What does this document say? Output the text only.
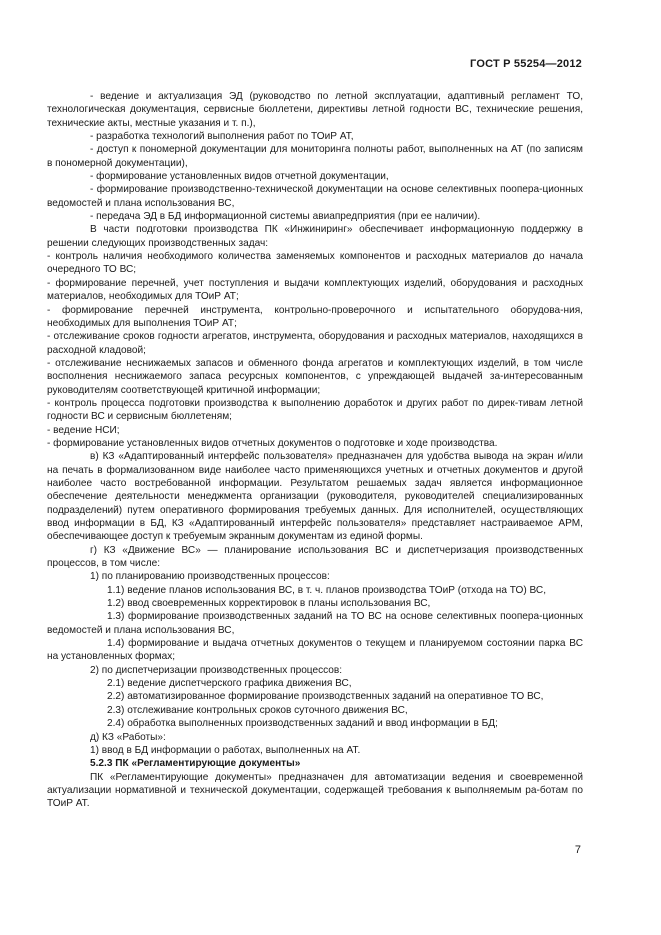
ГОСТ Р 55254—2012

- ведение и актуализация ЭД (руководство по летной эксплуатации, адаптивный регламент ТО, технологическая документация, сервисные бюллетени, директивы летной годности ВС, технические решения, технические акты, местные указания и т. п.),

- разработка технологий выполнения работ по ТОиР АТ,

- доступ к пономерной документации для мониторинга полноты работ, выполненных на АТ (по записям в пономерной документации),

- формирование установленных видов отчетной документации,

- формирование производственно-технической документации на основе селективных поопера-ционных ведомостей и плана использования ВС,

- передача ЭД в БД информационной системы авиапредприятия (при ее наличии).

В части подготовки производства ПК «Инжиниринг» обеспечивает информационную поддержку в решении следующих производственных задач:

- контроль наличия необходимого количества заменяемых компонентов и расходных материалов до начала очередного ТО ВС;

- формирование перечней, учет поступления и выдачи комплектующих изделий, оборудования и расходных материалов, необходимых для ТОиР АТ;

- формирование перечней инструмента, контрольно-проверочного и испытательного оборудова-ния, необходимых для выполнения ТОиР АТ;

- отслеживание сроков годности агрегатов, инструмента, оборудования и расходных материалов, находящихся в расходной кладовой;

- отслеживание неснижаемых запасов и обменного фонда агрегатов и комплектующих изделий, в том числе восполнения неснижаемого запаса ресурсных компонентов, с упреждающей выдачей за-интересованным руководителям соответствующей критичной информации;

- контроль процесса подготовки производства к выполнению доработок и других работ по дирек-тивам летной годности ВС и сервисным бюллетеням;

- ведение НСИ;

- формирование установленных видов отчетных документов о подготовке и ходе производства.

в) КЗ «Адаптированный интерфейс пользователя» предназначен для удобства вывода на экран и/или на печать в формализованном виде наиболее часто применяющихся учетных и отчетных документов и другой наиболее часто востребованной информации. Результатом решаемых задач является информационное обеспечение деятельности менеджмента организации (руководителя, руководителей специализированных подразделений) путем оперативного формирования требуемых данных. Для исполнителей, осуществляющих ввод информации в БД, КЗ «Адаптированный интерфейс пользователя» представляет настраиваемое АРМ, обеспечивающее доступ к требуемым экранным документам из единой формы.

г) КЗ «Движение ВС» — планирование использования ВС и диспетчеризация производственных процессов, в том числе:

1) по планированию производственных процессов:

1.1) ведение планов использования ВС, в т. ч. планов производства ТОиР (отхода на ТО) ВС,

1.2) ввод своевременных корректировок в планы использования ВС,

1.3) формирование производственных заданий на ТО ВС на основе селективных поопера-ционных ведомостей и плана использования ВС,

1.4) формирование и выдача отчетных документов о текущем и планируемом состоянии парка ВС на установленных формах;

2) по диспетчеризации производственных процессов:

2.1) ведение диспетчерского графика движения ВС,

2.2) автоматизированное формирование производственных заданий на оперативное ТО ВС,

2.3) отслеживание контрольных сроков суточного движения ВС,

2.4) обработка выполненных производственных заданий и ввод информации в БД;

д) КЗ «Работы»:

1) ввод в БД информации о работах, выполненных на АТ.

5.2.3 ПК «Регламентирующие документы»

ПК «Регламентирующие документы» предназначен для автоматизации ведения и своевременной актуализации нормативной и технической документации, содержащей требования к выполняемым ра-ботам по ТОиР АТ.

7
